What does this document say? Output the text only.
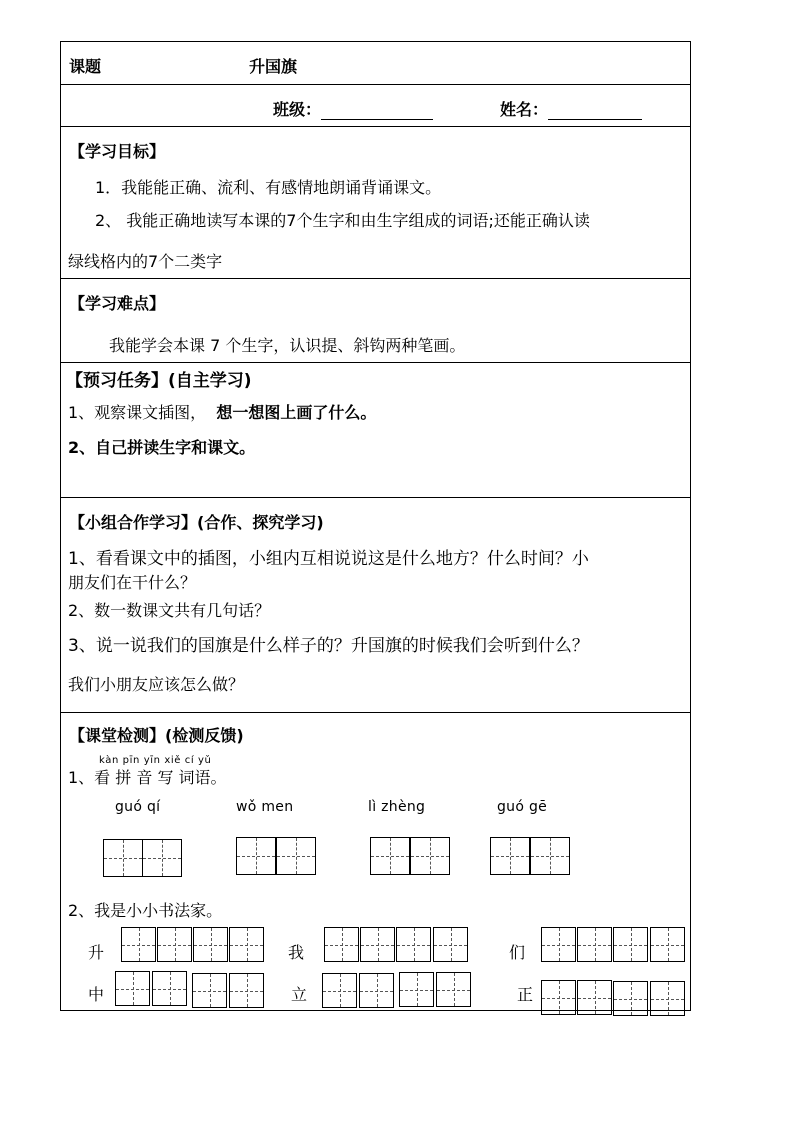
课题	升国旗
班级：	姓名：
【学习目标】
1．我能能正确、流利、有感情地朗诵背诵课文。
2、 我能正确地读写本课的7个生字和由生字组成的词语;还能正确认读
绿线格内的7个二类字
【学习难点】
我能学会本课 7 个生字，认识提、斜钩两种笔画。
【预习任务】(自主学习)
1、观察课文插图， 想一想图上画了什么。
2、自己拼读生字和课文。
【小组合作学习】(合作、探究学习)
1、看看课文中的插图，小组内互相说说这是什么地方？什么时间？小
朋友们在干什么？
2、数一数课文共有几句话？
3、说一说我们的国旗是什么样子的？升国旗的时候我们会听到什么？
我们小朋友应该怎么做？
【课堂检测】(检测反馈)
kàn pīn yīn xiě cí yǔ
1、看 拼 音 写 词语。
guó qí	wǒ men	lì zhèng	guó gē
2、我是小小书法家。
升	我	们
中	立	正
